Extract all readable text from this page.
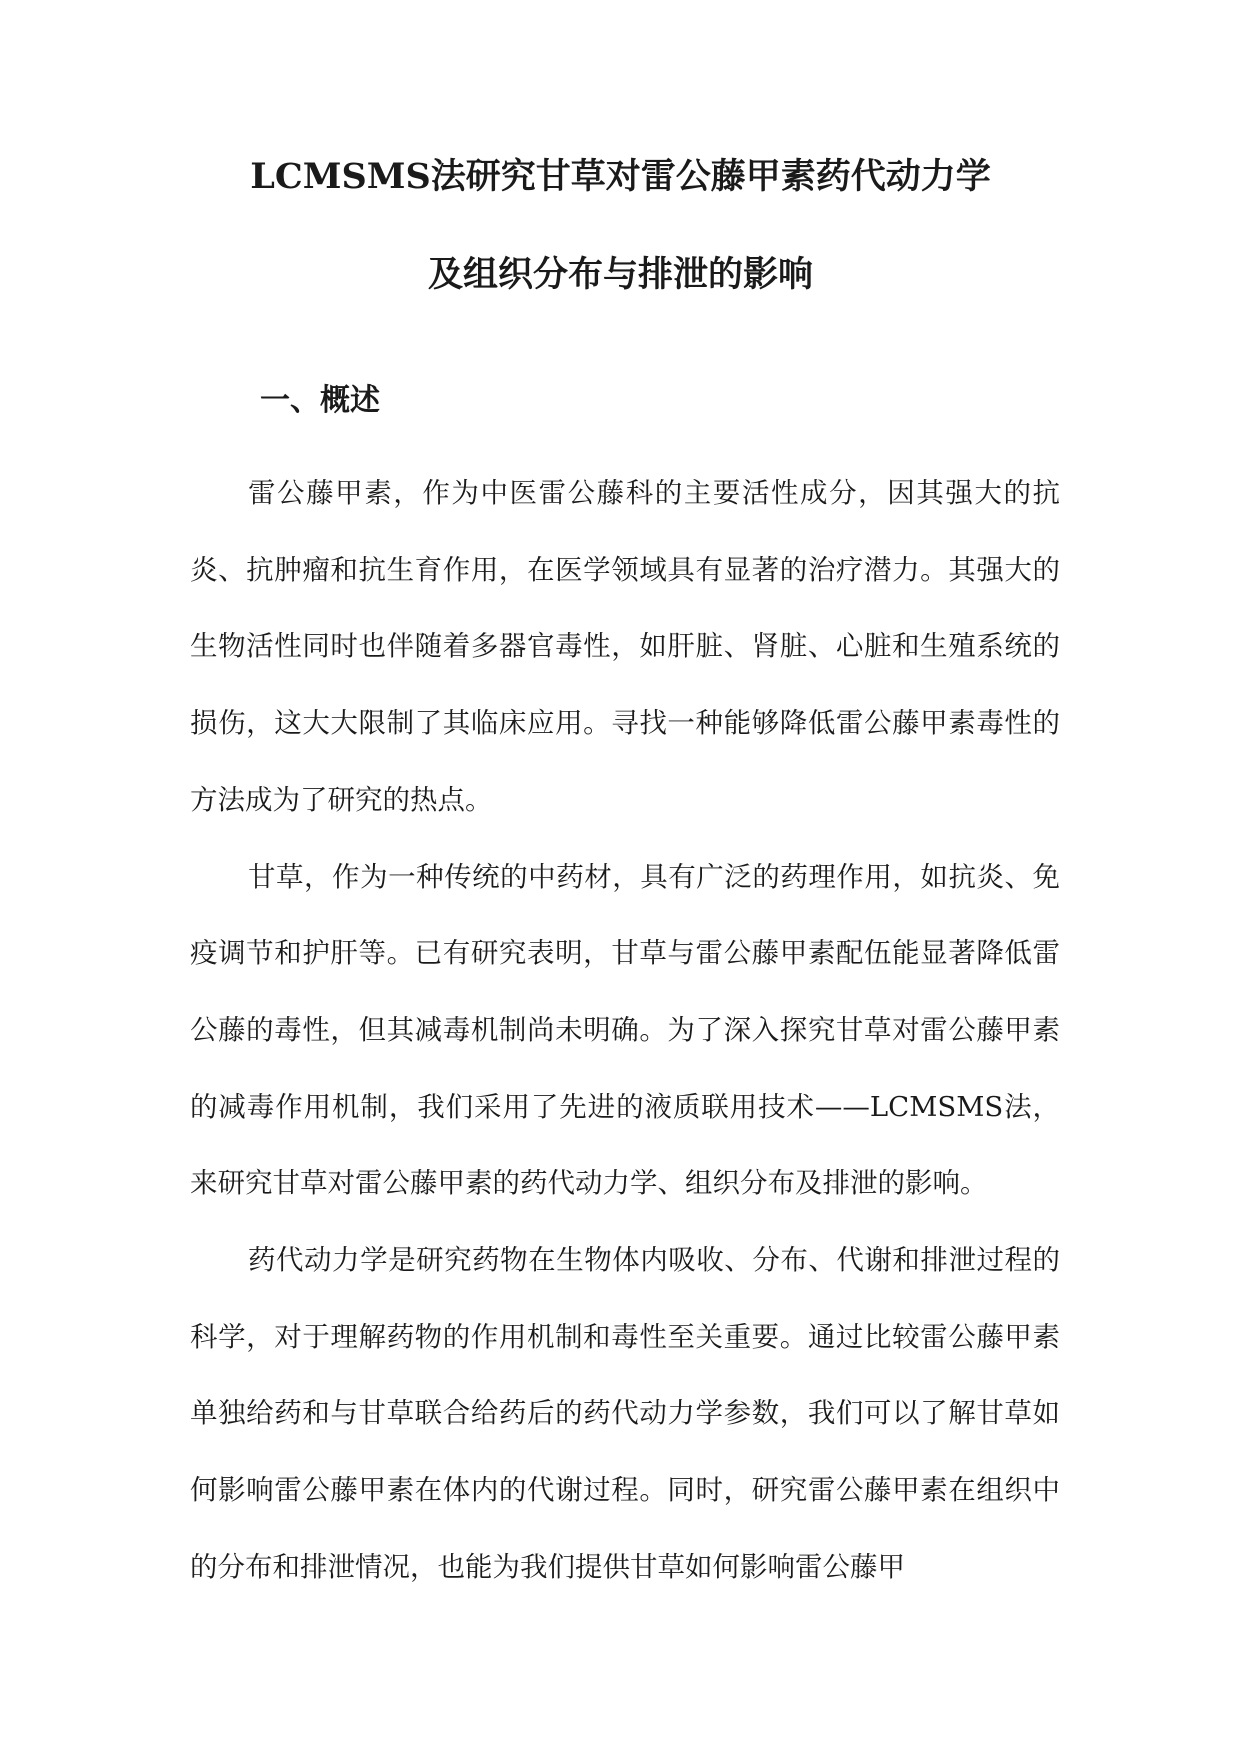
LCMSMS法研究甘草对雷公藤甲素药代动力学
及组织分布与排泄的影响
一、概述

雷公藤甲素，作为中医雷公藤科的主要活性成分，因其强大的抗炎、抗肿瘤和抗生育作用，在医学领域具有显著的治疗潜力。其强大的生物活性同时也伴随着多器官毒性，如肝脏、肾脏、心脏和生殖系统的损伤，这大大限制了其临床应用。寻找一种能够降低雷公藤甲素毒性的方法成为了研究的热点。

甘草，作为一种传统的中药材，具有广泛的药理作用，如抗炎、免疫调节和护肝等。已有研究表明，甘草与雷公藤甲素配伍能显著降低雷公藤的毒性，但其减毒机制尚未明确。为了深入探究甘草对雷公藤甲素的减毒作用机制，我们采用了先进的液质联用技术——LCMSMS法，来研究甘草对雷公藤甲素的药代动力学、组织分布及排泄的影响。

药代动力学是研究药物在生物体内吸收、分布、代谢和排泄过程的科学，对于理解药物的作用机制和毒性至关重要。通过比较雷公藤甲素单独给药和与甘草联合给药后的药代动力学参数，我们可以了解甘草如何影响雷公藤甲素在体内的代谢过程。同时，研究雷公藤甲素在组织中的分布和排泄情况，也能为我们提供甘草如何影响雷公藤甲
